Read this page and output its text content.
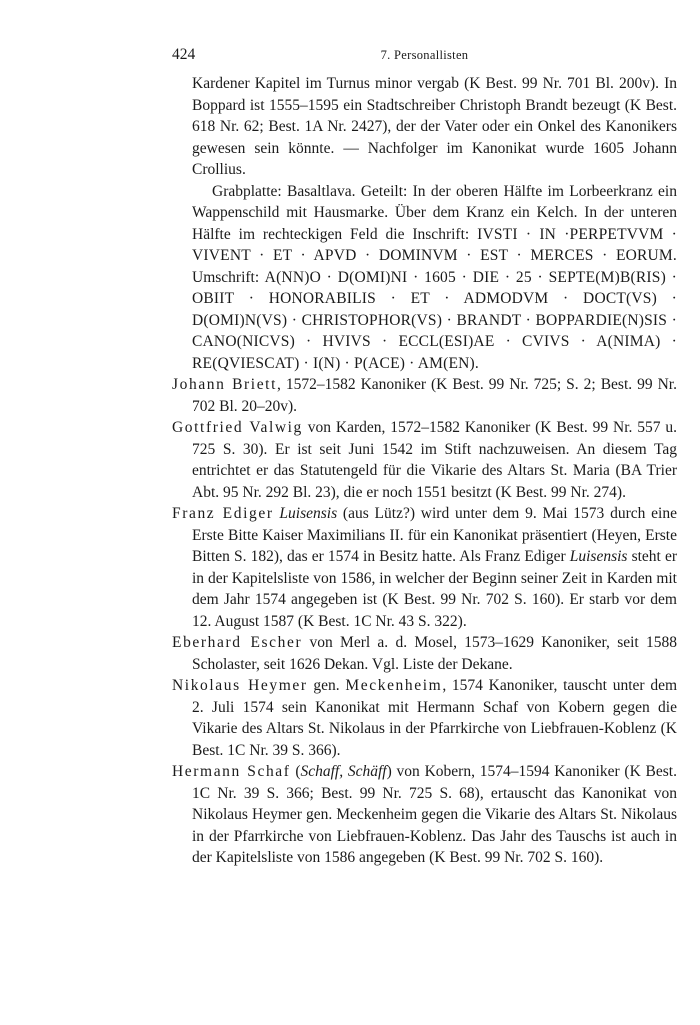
424	7. Personallisten

Kardener Kapitel im Turnus minor vergab (K Best. 99 Nr. 701 Bl. 200v). In Boppard ist 1555–1595 ein Stadtschreiber Christoph Brandt bezeugt (K Best. 618 Nr. 62; Best. 1A Nr. 2427), der der Vater oder ein Onkel des Kanonikers gewesen sein könnte. — Nachfolger im Kanonikat wurde 1605 Johann Crollius.

Grabplatte: Basaltlava. Geteilt: In der oberen Hälfte im Lorbeerkranz ein Wappenschild mit Hausmarke. Über dem Kranz ein Kelch. In der unteren Hälfte im rechteckigen Feld die Inschrift: IVSTI · IN ·PERPETVVM · VIVENT · ET · APVD · DOMINVM · EST · MERCES · EORUM. Umschrift: A(NN)O · D(OMI)NI · 1605 · DIE · 25 · SEPTE(M)B(RIS) · OBIIT · HONORABILIS · ET · ADMODVM · DOCT(VS) · D(OMI)N(VS) · CHRISTOPHOR(VS) · BRANDT · BOPPARDIE(N)SIS · CANO(NICVS) · HVIVS · ECCL(ESI)AE · CVIVS · A(NIMA) · RE(QVIESCAT) · I(N) · P(ACE) · AM(EN).

Johann Briett, 1572–1582 Kanoniker (K Best. 99 Nr. 725; S. 2; Best. 99 Nr. 702 Bl. 20–20v).

Gottfried Valwig von Karden, 1572–1582 Kanoniker (K Best. 99 Nr. 557 u. 725 S. 30). Er ist seit Juni 1542 im Stift nachzuweisen. An diesem Tag entrichtet er das Statutengeld für die Vikarie des Altars St. Maria (BA Trier Abt. 95 Nr. 292 Bl. 23), die er noch 1551 besitzt (K Best. 99 Nr. 274).

Franz Ediger Luisensis (aus Lütz?) wird unter dem 9. Mai 1573 durch eine Erste Bitte Kaiser Maximilians II. für ein Kanonikat präsentiert (Heyen, Erste Bitten S. 182), das er 1574 in Besitz hatte. Als Franz Ediger Luisensis steht er in der Kapitelsliste von 1586, in welcher der Beginn seiner Zeit in Karden mit dem Jahr 1574 angegeben ist (K Best. 99 Nr. 702 S. 160). Er starb vor dem 12. August 1587 (K Best. 1C Nr. 43 S. 322).

Eberhard Escher von Merl a. d. Mosel, 1573–1629 Kanoniker, seit 1588 Scholaster, seit 1626 Dekan. Vgl. Liste der Dekane.

Nikolaus Heymer gen. Meckenheim, 1574 Kanoniker, tauscht unter dem 2. Juli 1574 sein Kanonikat mit Hermann Schaf von Kobern gegen die Vikarie des Altars St. Nikolaus in der Pfarrkirche von Liebfrauen-Koblenz (K Best. 1C Nr. 39 S. 366).

Hermann Schaf (Schaff, Schäff) von Kobern, 1574–1594 Kanoniker (K Best. 1C Nr. 39 S. 366; Best. 99 Nr. 725 S. 68), ertauscht das Kanonikat von Nikolaus Heymer gen. Meckenheim gegen die Vikarie des Altars St. Nikolaus in der Pfarrkirche von Liebfrauen-Koblenz. Das Jahr des Tauschs ist auch in der Kapitelsliste von 1586 angegeben (K Best. 99 Nr. 702 S. 160).
